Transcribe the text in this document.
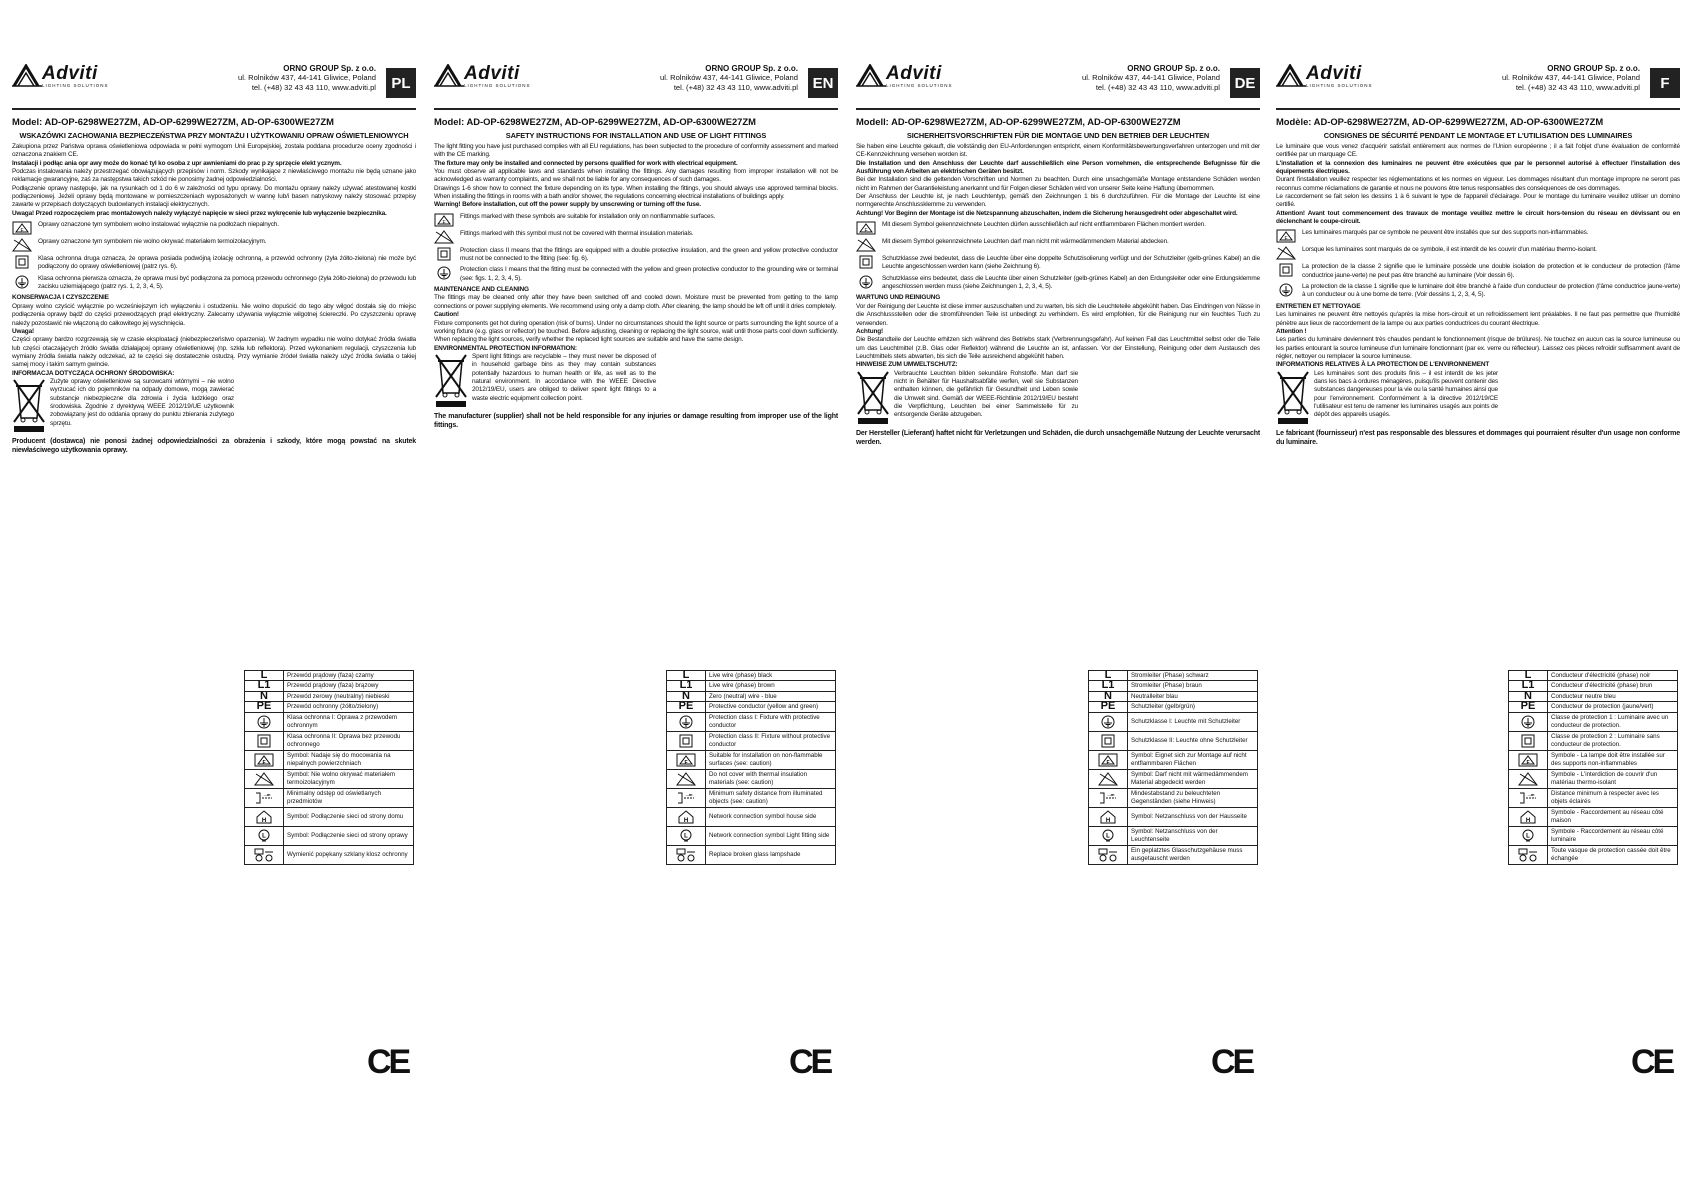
Adviti
LIGHTING SOLUTIONS
ORNO GROUP Sp. z o.o.
ul. Rolników 437, 44-141 Gliwice, Poland
tel. (+48) 32 43 43 110, www.adviti.pl	PL
Model: AD-OP-6298WE27ZM, AD-OP-6299WE27ZM, AD-OP-6300WE27ZM
WSKAZÓWKI ZACHOWANIA BEZPIECZEŃSTWA PRZY MONTAŻU I UŻYTKOWANIU OPRAW OŚWIETLENIOWYCH

Zakupiona przez Państwa oprawa oświetleniowa odpowiada w pełni wymogom Unii Europejskiej, została poddana procedurze oceny zgodności i oznaczona znakiem CE.

Instalacji i podłąc ania opr awy może do konać tyl ko osoba z upr awnieniami do prac p zy sprzęcie elekt ycznym.

Podczas instalowania należy przestrzegać obowiązujących przepisów i norm. Szkody wynikające z niewłaściwego montażu nie będą uznane jako reklamacje gwarancyjne, zaś za następstwa takich szkód nie ponosimy żadnej odpowiedzialności.

Podłączenie oprawy następuje, jak na rysunkach od 1 do 6 w zależności od typu oprawy. Do montażu oprawy należy używać atestowanej kostki podłączeniowej. Jeżeli oprawy będą montowane w pomieszczeniach wyposażonych w wannę lub/i basen natryskowy należy stosować przepisy zawarte w przepisach dotyczących budowlanych instalacji elektrycznych.

Uwaga! Przed rozpoczęciem prac montażowych należy wyłączyć napięcie w sieci przez wykręcenie lub wyłączenie bezpiecznika.

F

Oprawy oznaczone tym symbolem wolno instalować wyłącznie na podłożach niepalnych.

Oprawy oznaczone tym symbolem nie wolno okrywać materiałem termoizolacyjnym.

Klasa ochronna druga oznacza, że oprawa posiada podwójną izolację ochronną, a przewód ochronny (żyła żółto-zielona) nie może być podłączony do oprawy oświetleniowej (patrz rys. 6).

Klasa ochronna pierwsza oznacza, że oprawa musi być podłączona za pomocą przewodu ochronnego (żyła żółto-zielona) do przewodu lub zacisku uziemiającego (patrz rys. 1, 2, 3, 4, 5).

KONSERWACJA I CZYSZCZENIE

Oprawy wolno czyścić wyłącznie po wcześniejszym ich wyłączeniu i ostudzeniu. Nie wolno dopuścić do tego aby wilgoć dostała się do miejsc podłączenia oprawy bądź do części przewodzących prąd elektryczny. Zalecamy używania wyłącznie wilgotnej ściereczki. Po czyszczeniu oprawę należy pozostawić nie włączoną do całkowitego jej wyschnięcia.

Uwaga!

Części oprawy bardzo rozgrzewają się w czasie eksploatacji (niebezpieczeństwo oparzenia). W żadnym wypadku nie wolno dotykać źródła światła lub części otaczających źródło światła działającej oprawy oświetleniowej (np. szkła lub reflektora). Przed wykonaniem regulacji, czyszczenia lub wymiany źródła światła należy odczekać, aż te części się dostatecznie ostudzą. Przy wymianie źródeł światła należy użyć źródła światła o takiej samej mocy i takim samym gwincie.

INFORMACJA DOTYCZĄCA OCHRONY ŚRODOWISKA:

Zużyte oprawy oświetleniowe są surowcami wtórnymi – nie wolno wyrzucać ich do pojemników na odpady domowe, mogą zawierać substancje niebezpieczne dla zdrowia i życia ludzkiego oraz środowiska. Zgodnie z dyrektywą WEEE 2012/19/UE użytkownik zobowiązany jest do oddania oprawy do punktu zbierania zużytego sprzętu.

Producent (dostawca) nie ponosi żadnej odpowiedzialności za obrażenia i szkody, które mogą powstać na skutek niewłaściwego użytkowania oprawy.

L	Przewód prądowy (faza) czarny
L1	Przewód prądowy (faza) brązowy
N	Przewód zerowy (neutralny) niebieski
PE	Przewód ochronny (żółto/zielony)

	Klasa ochronna I: Oprawa z przewodem ochronnym

	Klasa ochronna II: Oprawa bez przewodu ochronnego

F	Symbol: Nadaje się do mocowania na niepalnych powierzchniach

	Symbol: Nie wolno okrywać materiałem termoizolacyjnym

...m	Minimalny odstęp od oświetlanych przedmiotów

H	Symbol: Podłączenie sieci od strony domu

L	Symbol: Podłączenie sieci od strony oprawy

	Wymienić popękany szklany klosz ochronny
CE
Adviti
LIGHTING SOLUTIONS
ORNO GROUP Sp. z o.o.
ul. Rolników 437, 44-141 Gliwice, Poland
tel. (+48) 32 43 43 110, www.adviti.pl EN
Model: AD-OP-6298WE27ZM, AD-OP-6299WE27ZM, AD-OP-6300WE27ZM
SAFETY INSTRUCTIONS FOR INSTALLATION AND USE OF LIGHT FITTINGS

The light fitting you have just purchased complies with all EU regulations, has been subjected to the procedure of conformity assessment and marked with the CE marking.

The fixture may only be installed and connected by persons qualified for work with electrical equipment.

You must observe all applicable laws and standards when installing the fittings. Any damages resulting from improper installation will not be acknowledged as warranty complaints, and we shall not be liable for any consequences of such damages.

Drawings 1-6 show how to connect the fixture depending on its type. When installing the fittings, you should always use approved terminal blocks. When installing the fittings in rooms with a bath and/or shower, the regulations concerning electrical installations of buildings apply.

Warning! Before installation, cut off the power supply by unscrewing or turning off the fuse.

F

Fittings marked with these symbols are suitable for installation only on nonflammable surfaces.

Fittings marked with this symbol must not be covered with thermal insulation materials.

Protection class II means that the fittings are equipped with a double protective insulation, and the green and yellow protective conductor must not be connected to the fitting (see: fig. 6).

Protection class I means that the fitting must be connected with the yellow and green protective conductor to the grounding wire or terminal (see: figs. 1, 2, 3, 4, 5).

MAINTENANCE AND CLEANING

The fittings may be cleaned only after they have been switched off and cooled down. Moisture must be prevented from getting to the lamp connections or power supplying elements. We recommend using only a damp cloth. After cleaning, the lamp should be left off until it dries completely.

Caution!

Fixture components get hot during operation (risk of burns). Under no circumstances should the light source or parts surrounding the light source of a working fixture (e.g. glass or reflector) be touched. Before adjusting, cleaning or replacing the light source, wait until those parts cool down sufficiently. When replacing the light sources, verify whether the replaced light sources are suitable and have the same design.

ENVIRONMENTAL PROTECTION INFORMATION:

Spent light fittings are recyclable – they must never be disposed of in household garbage bins as they may contain substances potentially hazardous to human health or life, as well as to the natural environment. In accordance with the WEEE Directive 2012/19/EU, users are obliged to deliver spent light fittings to a waste electric equipment collection point.

The manufacturer (supplier) shall not be held responsible for any injuries or damage resulting from improper use of the light fittings.

L	Live wire (phase) black
L1	Live wire (phase) brown
N	Zero (neutral) wire - blue
PE	Protective conductor (yellow and green)

	Protection class I: Fixture with protective conductor

	Protection class II: Fixture without protective conductor

F	Suitable for installation on non-flammable surfaces (see: caution)

	Do not cover with thermal insulation materials (see: caution)

...m	Minimum safety distance from illuminated objects (see: caution)

H	Network connection symbol house side

L	Network connection symbol Light fitting side

	Replace broken glass lampshade
CE
Adviti
LIGHTING SOLUTIONS
ORNO GROUP Sp. z o.o.
ul. Rolników 437, 44-141 Gliwice, Poland
tel. (+48) 32 43 43 110, www.adviti.pl DE
Modell: AD-OP-6298WE27ZM, AD-OP-6299WE27ZM, AD-OP-6300WE27ZM
SICHERHEITSVORSCHRIFTEN FÜR DIE MONTAGE UND DEN BETRIEB DER LEUCHTEN

Sie haben eine Leuchte gekauft, die vollständig den EU-Anforderungen entspricht, einem Konformitätsbewertungsverfahren unterzogen und mit der CE-Kennzeichnung versehen worden ist.

Die Installation und den Anschluss der Leuchte darf ausschließlich eine Person vornehmen, die entsprechende Befugnisse für die Ausführung von Arbeiten an elektrischen Geräten besitzt.

Bei der Installation sind die geltenden Vorschriften und Normen zu beachten. Durch eine unsachgemäße Montage entstandene Schäden werden nicht im Rahmen der Garantieleistung anerkannt und für Folgen dieser Schäden wird von unserer Seite keine Haftung übernommen.

Der Anschluss der Leuchte ist, je nach Leuchtentyp, gemäß den Zeichnungen 1 bis 6 durchzuführen. Für die Montage der Leuchte ist eine normgerechte Anschlussklemme zu verwenden.

Achtung! Vor Beginn der Montage ist die Netzspannung abzuschalten, indem die Sicherung herausgedreht oder abgeschaltet wird.

F

Mit diesem Symbol gekennzeichnete Leuchten dürfen ausschließlich auf nicht entflammbaren Flächen montiert werden.

Mit diesem Symbol gekennzeichnete Leuchten darf man nicht mit wärmedämmendem Material abdecken.

Schutzklasse zwei bedeutet, dass die Leuchte über eine doppelte Schutzisolierung verfügt und der Schutzleiter (gelb-grünes Kabel) an die Leuchte angeschlossen werden kann (siehe Zeichnung 6).

Schutzklasse eins bedeutet, dass die Leuchte über einen Schutzleiter (gelb-grünes Kabel) an den Erdungsleiter oder eine Erdungsklemme angeschlossen werden muss (siehe Zeichnungen 1, 2, 3, 4, 5).

WARTUNG UND REINIGUNG

Vor der Reinigung der Leuchte ist diese immer auszuschalten und zu warten, bis sich die Leuchteteile abgekühlt haben. Das Eindringen von Nässe in die Anschlussstellen oder die stromführenden Teile ist unbedingt zu verhindern. Es wird empfohlen, für die Reinigung nur ein feuchtes Tuch zu verwenden.

Achtung!

Die Bestandteile der Leuchte erhitzen sich während des Betriebs stark (Verbrennungsgefahr). Auf keinen Fall das Leuchtmittel selbst oder die Teile um das Leuchtmittel (z.B. Glas oder Reflektor) während die Leuchte an ist, anfassen. Vor der Einstellung, Reinigung oder dem Austausch des Leuchtmittels stets abwarten, bis sich die Teile ausreichend abgekühlt haben.

HINWEISE ZUM UMWELTSCHUTZ:

Verbrauchte Leuchten bilden sekundäre Rohstoffe. Man darf sie nicht in Behälter für Haushaltsabfälle werfen, weil sie Substanzen enthalten können, die gefährlich für Gesundheit und Leben sowie die Umwelt sind. Gemäß der WEEE-Richtlinie 2012/19/EU besteht die Verpflichtung, Leuchten bei einer Sammelstelle für zu entsorgende Geräte abzugeben.

Der Hersteller (Lieferant) haftet nicht für Verletzungen und Schäden, die durch unsachgemäße Nutzung der Leuchte verursacht werden.

L	Stromleiter (Phase) schwarz
L1	Stromleiter (Phase) braun
N	Neutralleiter blau
PE	Schutzleiter (gelb/grün)

	Schutzklasse I: Leuchte mit Schutzleiter

	Schutzklasse II: Leuchte ohne Schutzleiter

F	Symbol: Eignet sich zur Montage auf nicht entflammbaren Flächen

	Symbol: Darf nicht mit wärmedämmendem Material abgedeckt werden

...m	Mindestabstand zu beleuchteten Gegenständen (siehe Hinweis)

H	Symbol: Netzanschluss von der Hausseite

L	Symbol: Netzanschluss von der Leuchtenseite

	Ein geplatztes Glasschutzgehäuse muss ausgetauscht werden
CE
Adviti
LIGHTING SOLUTIONS
ORNO GROUP Sp. z o.o.
ul. Rolników 437, 44-141 Gliwice, Poland
tel. (+48) 32 43 43 110, www.adviti.pl	F
Modèle: AD-OP-6298WE27ZM, AD-OP-6299WE27ZM, AD-OP-6300WE27ZM
CONSIGNES DE SÉCURITÉ PENDANT LE MONTAGE ET L'UTILISATION DES LUMINAIRES

Le luminaire que vous venez d'acquérir satisfait entièrement aux normes de l'Union européenne ; il a fait l'objet d'une évaluation de conformité certifiée par un marquage CE.

L'installation et la connexion des luminaires ne peuvent être exécutées que par le personnel autorisé à effectuer l'installation des équipements électriques.

Durant l'installation veuillez respecter les réglementations et les normes en vigueur. Les dommages résultant d'un montage impropre ne seront pas reconnus comme réclamations de garantie et nous ne pouvons être tenus responsables des conséquences de ces dommages.

Le raccordement se fait selon les dessins 1 à 6 suivant le type de l'appareil d'éclairage. Pour le montage du luminaire veuillez utiliser un domino certifié.

Attention! Avant tout commencement des travaux de montage veuillez mettre le circuit hors-tension du réseau en dévissant ou en déclenchant le coupe-circuit.

F

Les luminaires marqués par ce symbole ne peuvent être installés que sur des supports non-inflammables.

Lorsque les luminaires sont marqués de ce symbole, il est interdit de les couvrir d'un matériau thermo-isolant.

La protection de la classe 2 signifie que le luminaire possède une double isolation de protection et le conducteur de protection (l'âme conductrice jaune-verte) ne peut pas être branché au luminaire (Voir dessin 6).

La protection de la classe 1 signifie que le luminaire doit être branché à l'aide d'un conducteur de protection (l'âme conductrice jaune-verte) à un conducteur ou à une borne de terre. (Voir dessins 1, 2, 3, 4, 5).

ENTRETIEN ET NETTOYAGE

Les luminaires ne peuvent être nettoyés qu'après la mise hors-circuit et un refroidissement lent préalables. Il ne faut pas permettre que l'humidité pénètre aux lieux de raccordement de la lampe ou aux parties conductrices du courant électrique.

Attention !

Les parties du luminaire deviennent très chaudes pendant le fonctionnement (risque de brûlures). Ne touchez en aucun cas la source lumineuse ou les parties entourant la source lumineuse d'un luminaire fonctionnant (par ex. verre ou réflecteur). Laissez ces pièces refroidir suffisamment avant de régler, nettoyer ou remplacer la source lumineuse.

INFORMATIONS RELATIVES À LA PROTECTION DE L'ENVIRONNEMENT

Les luminaires sont des produits finis – il est interdit de les jeter dans les bacs à ordures ménagères, puisqu'ils peuvent contenir des substances dangereuses pour la vie ou la santé humaines ainsi que pour l'environnement. Conformément à la directive 2012/19/CE l'utilisateur est tenu de ramener les luminaires usagés aux points de dépôt des appareils usagés.

Le fabricant (fournisseur) n'est pas responsable des blessures et dommages qui pourraient résulter d'un usage non conforme du luminaire.

L	Conducteur d'électricité (phase) noir
L1	Conducteur d'électricité (phase) brun
N	Conducteur neutre bleu
PE	Conducteur de protection (jaune/vert)

	Classe de protection 1 : Luminaire avec un conducteur de protection.

	Classe de protection 2 : Luminaire sans conducteur de protection.

F	Symbole - La lampe doit être installée sur des supports non-inflammables

	Symbole - L'interdiction de couvrir d'un matériau thermo-isolant

...m	Distance minimum à respecter avec les objets éclairés

H	Symbole - Raccordement au réseau côté maison

L	Symbole - Raccordement au réseau côté luminaire

	Toute vasque de protection cassée doit être échangée
CE
